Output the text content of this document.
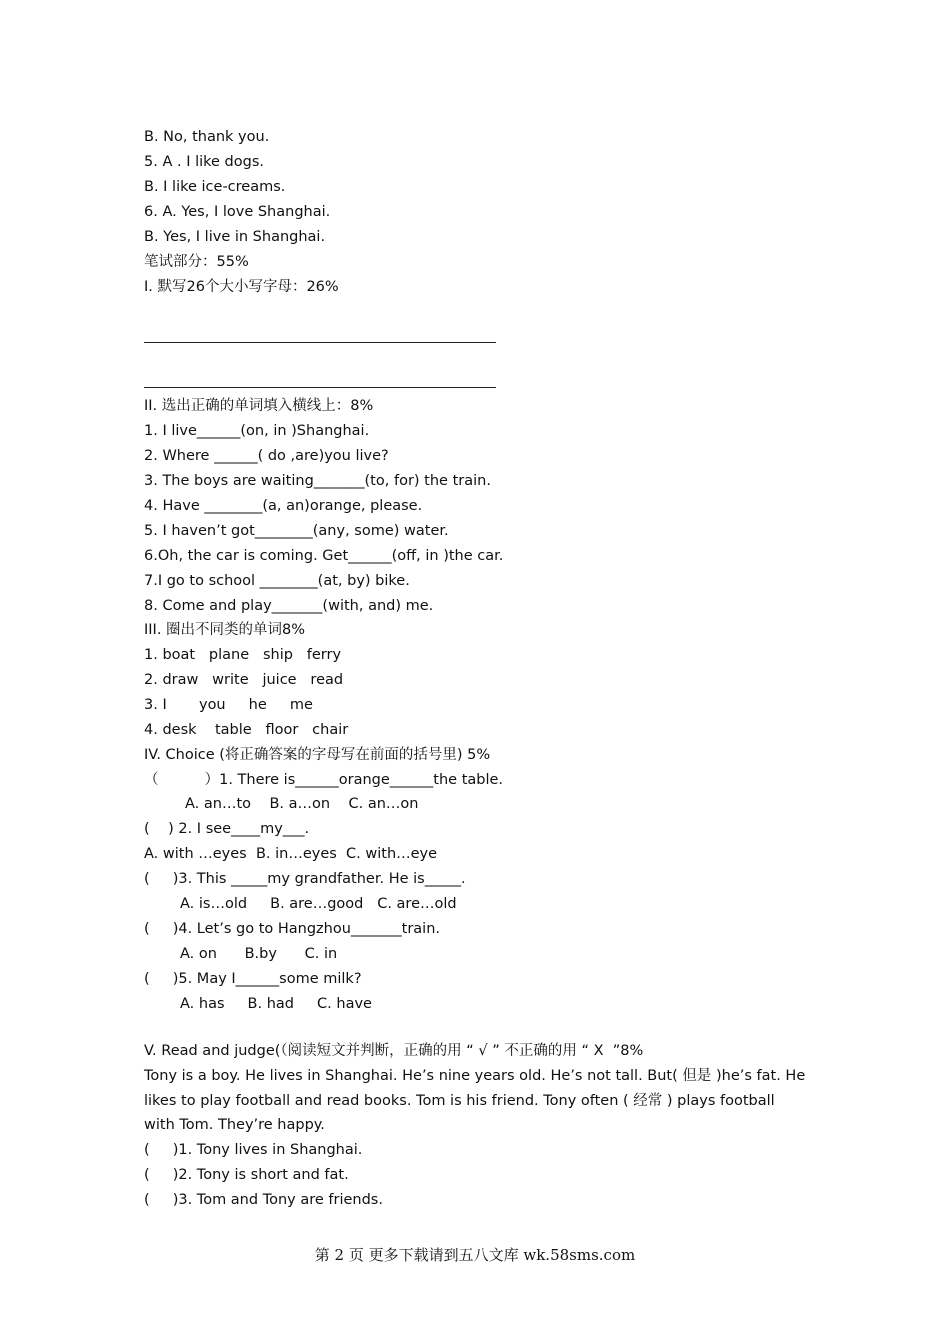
B. No, thank you.
5. A . I like dogs.
B. I like ice-creams.
6. A. Yes, I love Shanghai.
B. Yes, I live in Shanghai.
笔试部分：55%
I. 默写26个大小写字母：26%
II. 选出正确的单词填入横线上：8%
1. I live______(on, in )Shanghai.
2. Where ______( do ,are)you live?
3. The boys are waiting_______(to, for) the train.
4. Have ________(a, an)orange, please.
5. I haven’t got________(any, some) water.
6.Oh, the car is coming. Get______(off, in )the car.
7.I go to school ________(at, by) bike.
8. Come and play_______(with, and) me.
III. 圈出不同类的单词8%
1. boat   plane   ship   ferry
2. draw   write   juice   read
3. I       you     he     me
4. desk    table   floor   chair
IV. Choice (将正确答案的字母写在前面的括号里) 5%
（          ）1. There is______orange______the table.
A. an…to    B. a…on    C. an…on
(    ) 2. I see____my___.
A. with …eyes  B. in…eyes  C. with…eye
(     )3. This _____my grandfather. He is_____.
A. is…old     B. are…good   C. are…old
(     )4. Let’s go to Hangzhou_______train.
A. on      B.by      C. in
(     )5. May I______some milk?
A. has     B. had     C. have
V. Read and judge(（阅读短文并判断，正确的用 “ √ ” 不正确的用 “ X  ”8%
Tony is a boy. He lives in Shanghai. He’s nine years old. He’s not tall. But( 但是 )he’s fat. He likes to play football and read books. Tom is his friend. Tony often ( 经常 ) plays football with Tom. They’re happy.
(     )1. Tony lives in Shanghai.
(     )2. Tony is short and fat.
(     )3. Tom and Tony are friends.
第 2 页 更多下载请到五八文库 wk.58sms.com
